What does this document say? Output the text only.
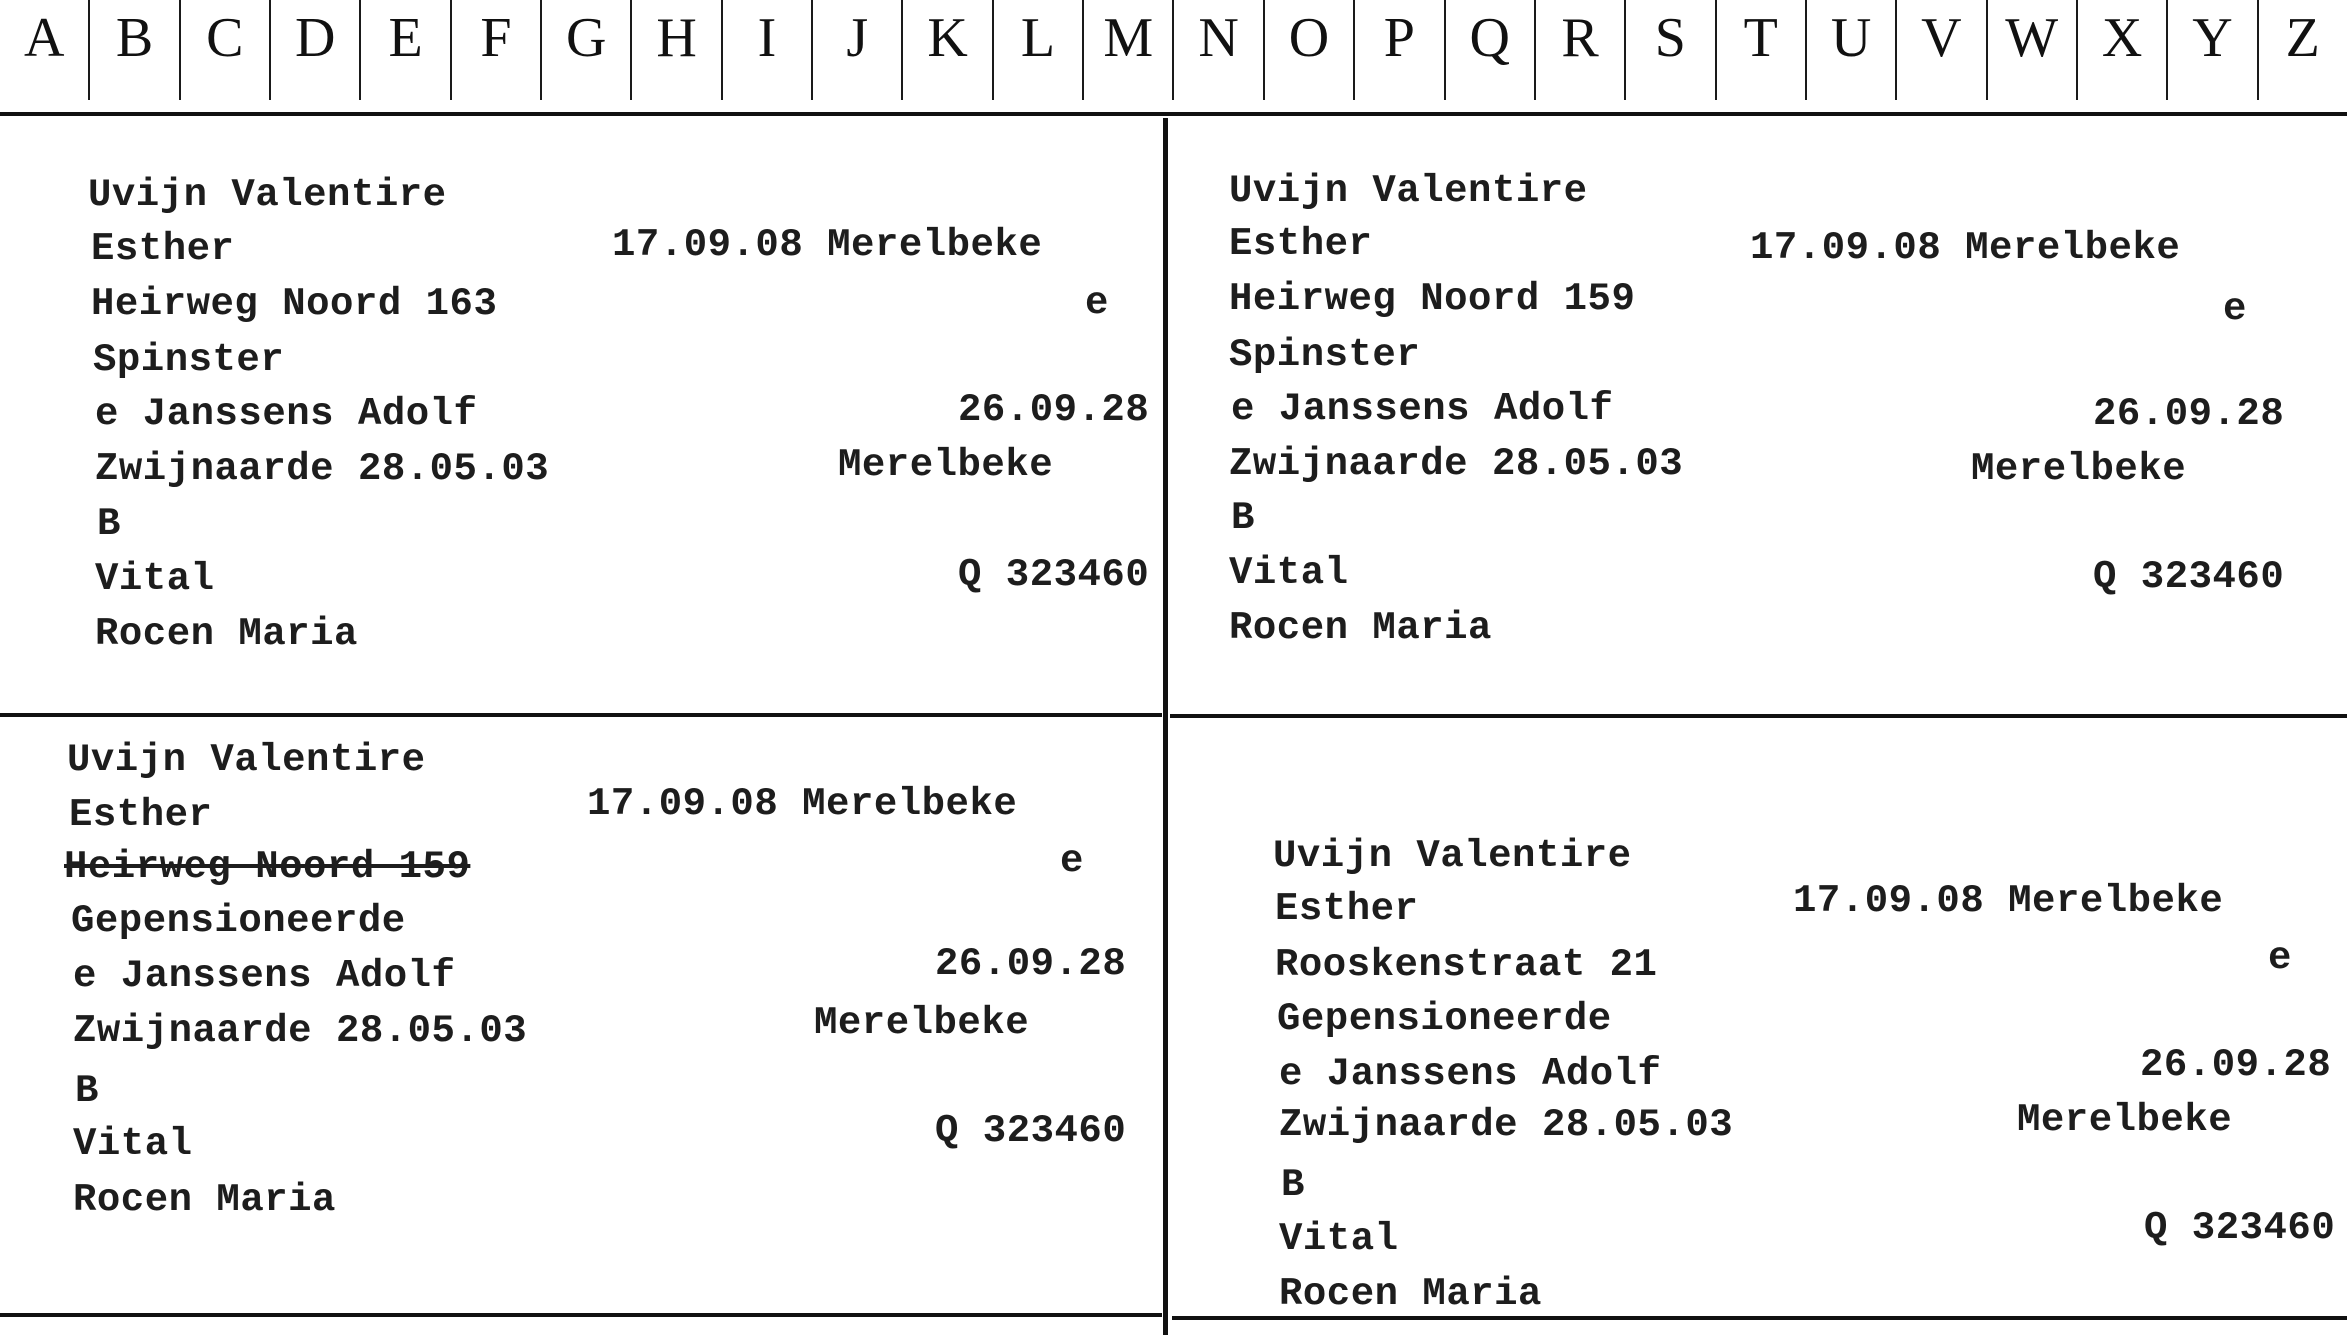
A B C D E F G H I J K L M N O P Q R S T U V W X Y Z
Uvijn Valentire
Esther	17.09.08 Merelbeke
Heirweg Noord 163	e
Spinster
e Janssens Adolf	26.09.28
Zwijnaarde 28.05.03	Merelbeke
B
Vital	Q 323460
Rocen Maria
Uvijn Valentire
Esther	17.09.08 Merelbeke
Heirweg Noord 159	e
Spinster
e Janssens Adolf	26.09.28
Zwijnaarde 28.05.03	Merelbeke
B
Vital	Q 323460
Rocen Maria
Uvijn Valentire
Esther	17.09.08 Merelbeke
Heirweg Noord 159	e
Gepensioneerde
e Janssens Adolf	26.09.28
Zwijnaarde 28.05.03	Merelbeke
B
Vital	Q 323460
Rocen Maria
Uvijn Valentire
Esther	17.09.08 Merelbeke
Rooskenstraat 21	e
Gepensioneerde
e Janssens Adolf	26.09.28
Zwijnaarde 28.05.03	Merelbeke
B
Vital	Q 323460
Rocen Maria
